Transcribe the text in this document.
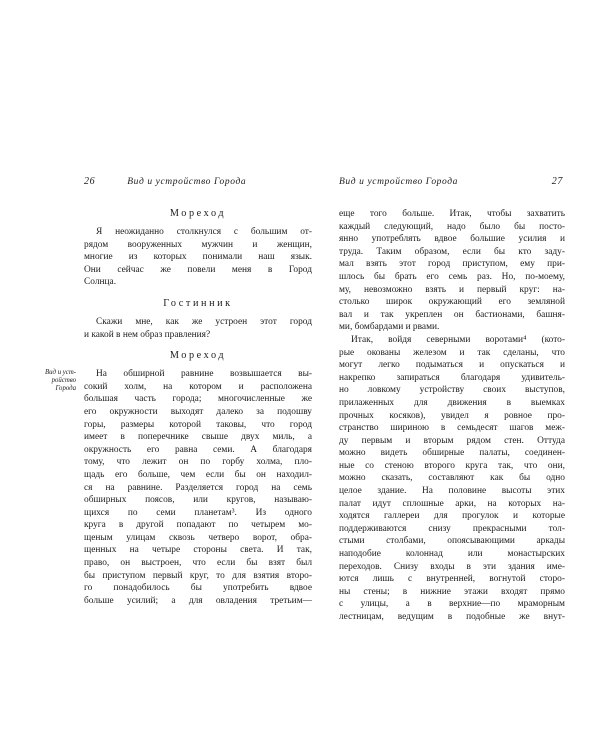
26	Вид и устройство Города
Мореход
Я неожиданно столкнулся с большим от-
рядом вооруженных мужчин и женщин,
многие из которых понимали наш язык.
Они сейчас же повели меня в Город
Солнца.
Гостинник
Скажи мне, как же устроен этот город
и какой в нем образ правления?
Мореход
Вид и уст-
ройство
Города
На обширной равнине возвышается вы-
сокий холм, на котором и расположена
большая часть города; многочисленные же
его окружности выходят далеко за подошву
горы, размеры которой таковы, что город
имеет в поперечнике свыше двух миль, а
окружность его равна семи. А благодаря
тому, что лежит он по горбу холма, пло-
щадь его больше, чем если бы он находил-
ся на равнине. Разделяется город на семь
обширных поясов, или кругов, называю-
щихся по семи планетам³. Из одного
круга в другой попадают по четырем мо-
щеным улицам сквозь четверо ворот, обра-
щенных на четыре стороны света. И так,
право, он выстроен, что если бы взят был
бы приступом первый круг, то для взятия второ-
го понадобилось бы употребить вдвое
больше усилий; а для овладения третьим—
Вид и устройство Города	27
еще того больше. Итак, чтобы захватить
каждый следующий, надо было бы посто-
янно употреблять вдвое большие усилия и
труда. Таким образом, если бы кто заду-
мал взять этот город приступом, ему при-
шлось бы брать его семь раз. Но, по-моему,
му, невозможно взять и первый круг: на-
столько широк окружающий его земляной
вал и так укреплен он бастионами, башня-
ми, бомбардами и рвами.
Итак, войдя северными воротами⁴ (кото-
рые окованы железом и так сделаны, что
могут легко подыматься и опускаться и
накрепко запираться благодаря удивитель-
но ловкому устройству своих выступов,
прилаженных для движения в выемках
прочных косяков), увидел я ровное про-
странство шириною в семьдесят шагов меж-
ду первым и вторым рядом стен. Оттуда
можно видеть обширные палаты, соединен-
ные со стеною второго круга так, что они,
можно сказать, составляют как бы одно
целое здание. На половине высоты этих
палат идут сплошные арки, на которых на-
ходятся галлереи для прогулок и которые
поддерживаются снизу прекрасными тол-
стыми столбами, опоясывающими аркады
наподобие колоннад или монастырских
переходов. Снизу входы в эти здания име-
ются лишь с внутренней, вогнутой сторо-
ны стены; в нижние этажи входят прямо
с улицы, а в верхние—по мраморным
лестницам, ведущим в подобные же внут-
